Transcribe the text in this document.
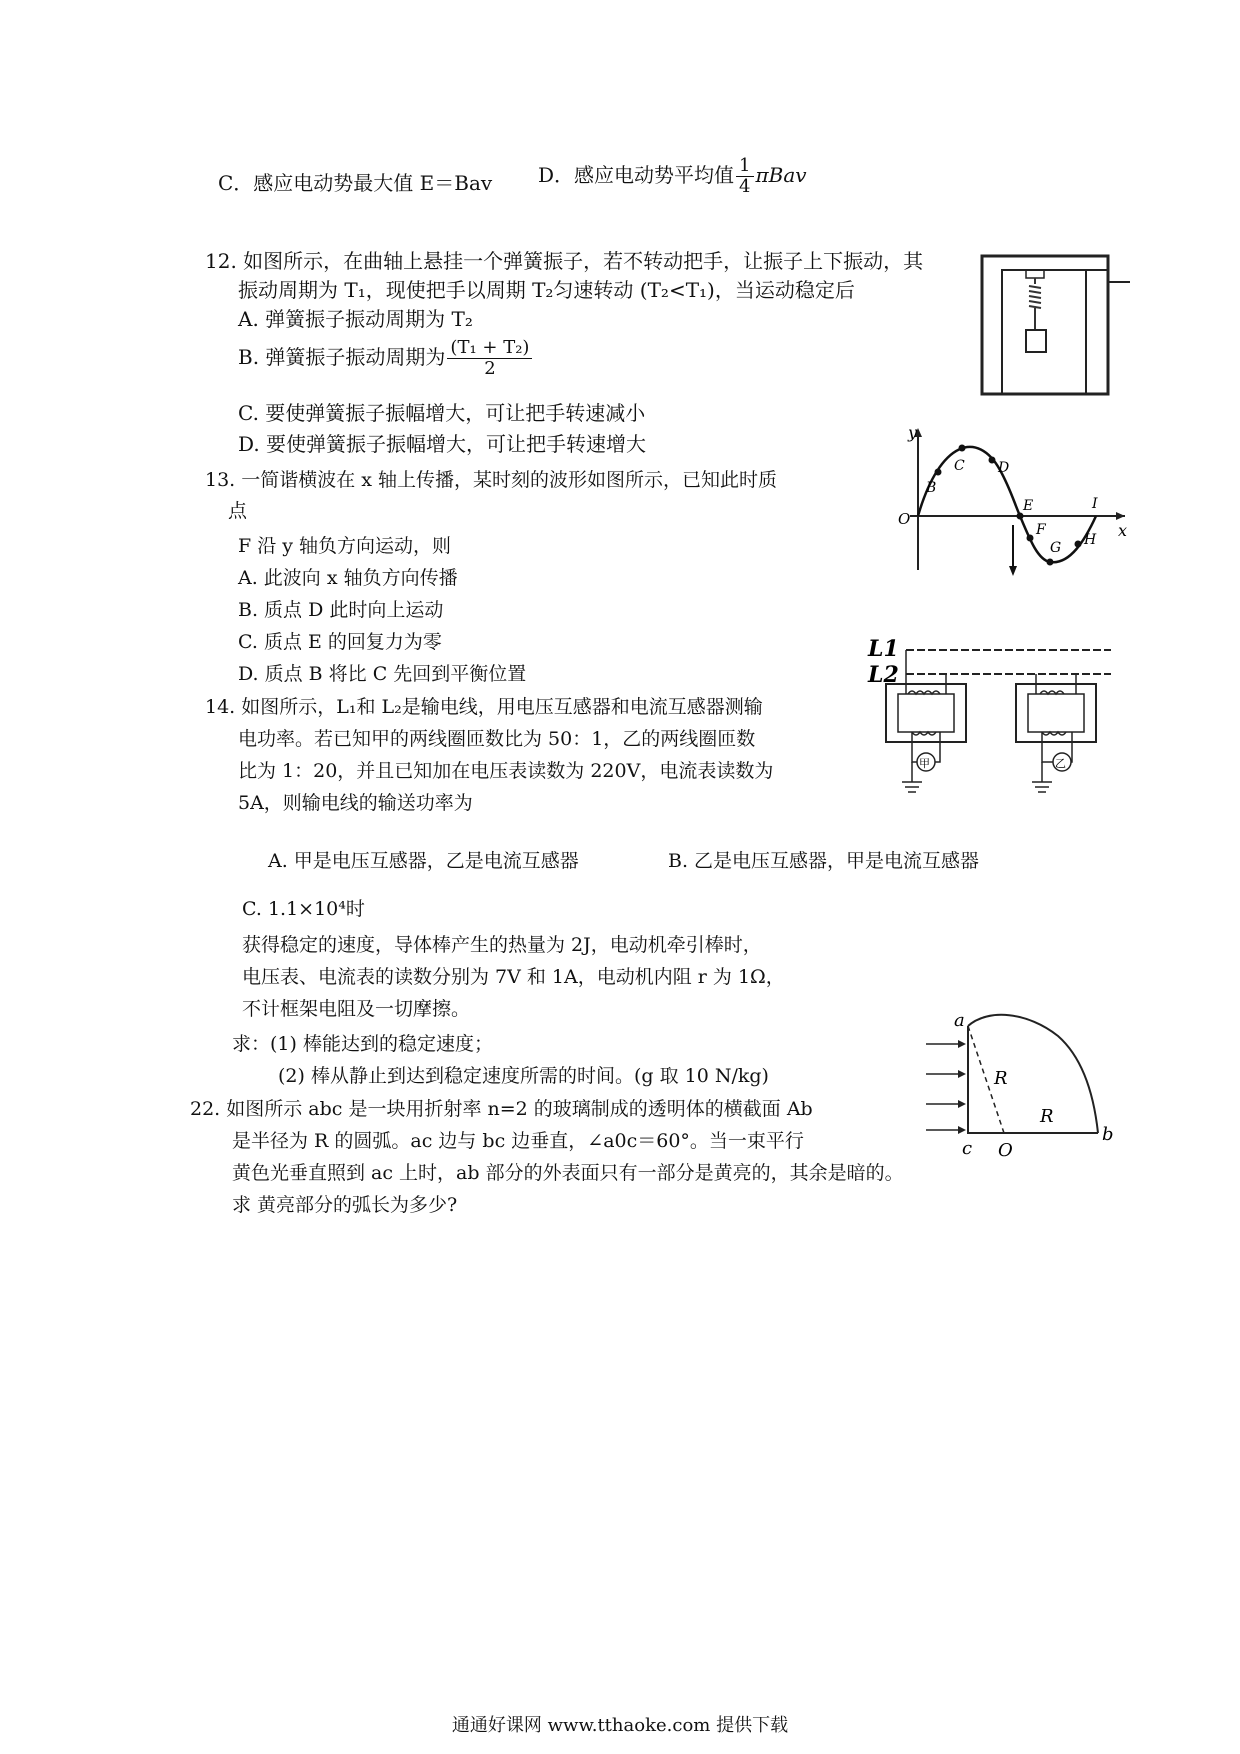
C．感应电动势最大值 E＝Bav D．感应电动势平均值 $\frac{1}{4}$ πBav
12. 如图所示，在曲轴上悬挂一个弹簧振子，若不转动把手，让振子上下振动，其
振动周期为 T₁，现使把手以周期 T₂匀速转动 (T₂<T₁)，当运动稳定后
A. 弹簧振子振动周期为 T₂
B. 弹簧振子振动周期为 $\frac{\text{(T₁ + T₂)}}{2}$
C. 要使弹簧振子振幅增大，可让把手转速减小
D. 要使弹簧振子振幅增大，可让把手转速增大
13. 一简谐横波在 x 轴上传播，某时刻的波形如图所示，已知此时质
点
F 沿 y 轴负方向运动，则
A. 此波向 x 轴负方向传播
B. 质点 D 此时向上运动
C. 质点 E 的回复力为零
D. 质点 B 将比 C 先回到平衡位置
y
x
O
B
C D
E
F
G H
I
14. 如图所示，L₁和 L₂是输电线，用电压互感器和电流互感器测输
电功率。若已知甲的两线圈匝数比为 50：1，乙的两线圈匝数
比为 1：20，并且已知加在电压表读数为 220V，电流表读数为
5A，则输电线的输送功率为
A. 甲是电压互感器，乙是电流互感器	B. 乙是电压互感器，甲是电流互感器
C. 1.1×10⁴时
L1
L2
甲	乙
获得稳定的速度，导体棒产生的热量为 2J，电动机牵引棒时，
电压表、电流表的读数分别为 7V 和 1A，电动机内阻 r 为 1Ω，
不计框架电阻及一切摩擦。
求：(1) 棒能达到的稳定速度；
(2) 棒从静止到达到稳定速度所需的时间。(g 取 10 N/kg)
22. 如图所示 abc 是一块用折射率 n=2 的玻璃制成的透明体的横截面 Ab
是半径为 R 的圆弧。ac 边与 bc 边垂直，∠a0c＝60°。当一束平行
黄色光垂直照到 ac 上时，ab 部分的外表面只有一部分是黄亮的，其余是暗的。
求 黄亮部分的弧长为多少?
a
b
c O
R
R
通通好课网 www.tthaoke.com 提供下载
